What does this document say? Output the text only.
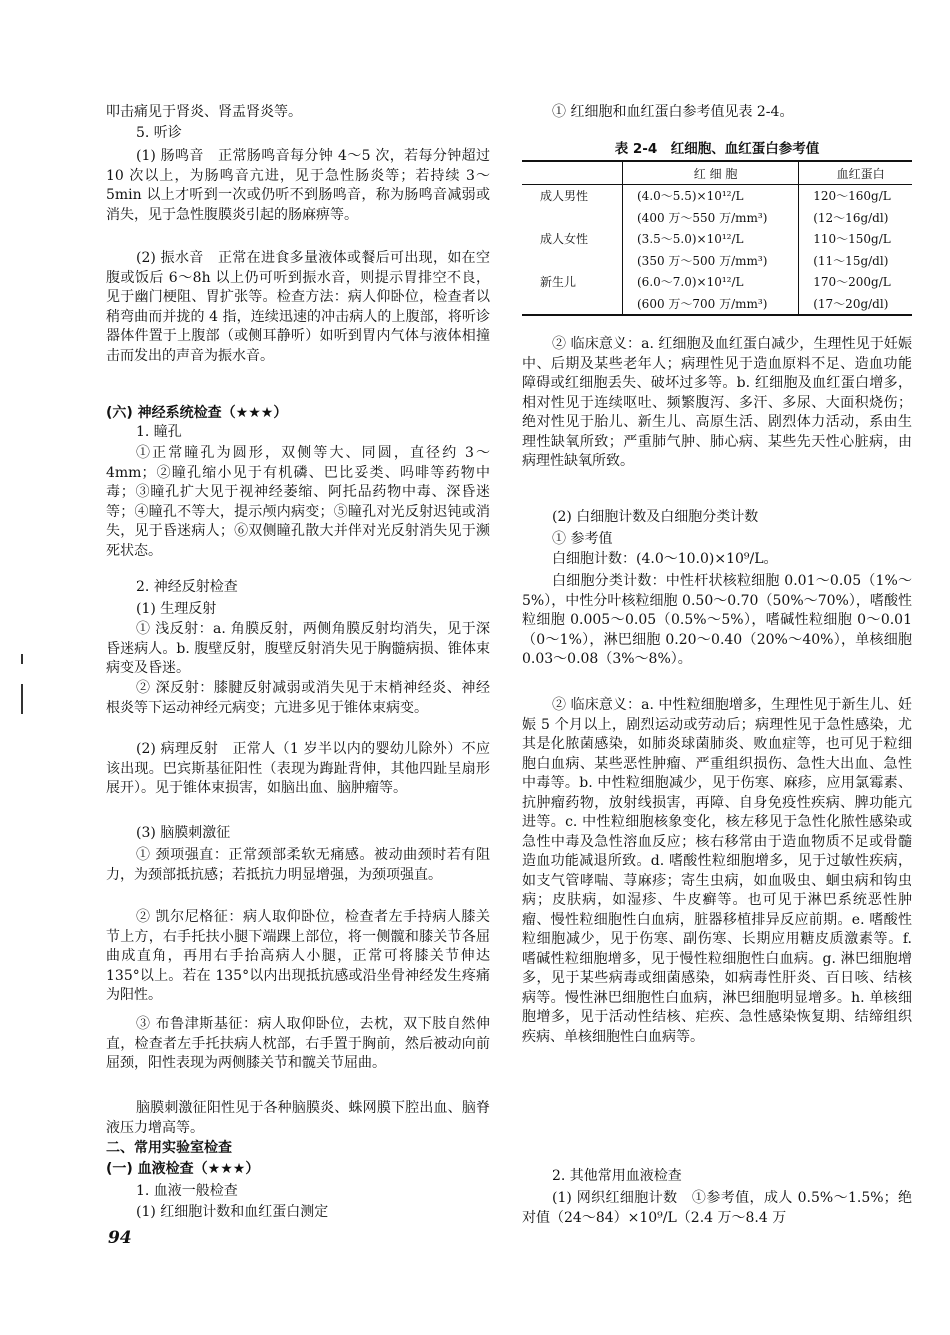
叩击痛见于肾炎、肾盂肾炎等。

5. 听诊

(1) 肠鸣音　正常肠鸣音每分钟 4～5 次，若每分钟超过 10 次以上，为肠鸣音亢进，见于急性肠炎等；若持续 3～5min 以上才听到一次或仍听不到肠鸣音，称为肠鸣音减弱或消失，见于急性腹膜炎引起的肠麻痹等。

(2) 振水音　正常在进食多量液体或餐后可出现，如在空腹或饭后 6～8h 以上仍可听到振水音，则提示胃排空不良，见于幽门梗阻、胃扩张等。检查方法：病人仰卧位，检查者以稍弯曲而并拢的 4 指，连续迅速的冲击病人的上腹部，将听诊器体件置于上腹部（或侧耳静听）如听到胃内气体与液体相撞击而发出的声音为振水音。

(六) 神经系统检查（★★★）

1. 瞳孔

①正常瞳孔为圆形，双侧等大、同圆，直径约 3～4mm；②瞳孔缩小见于有机磷、巴比妥类、吗啡等药物中毒；③瞳孔扩大见于视神经萎缩、阿托品药物中毒、深昏迷等；④瞳孔不等大，提示颅内病变；⑤瞳孔对光反射迟钝或消失，见于昏迷病人；⑥双侧瞳孔散大并伴对光反射消失见于濒死状态。

2. 神经反射检查

(1) 生理反射

① 浅反射：a. 角膜反射，两侧角膜反射均消失，见于深昏迷病人。b. 腹壁反射，腹壁反射消失见于胸髓病损、锥体束病变及昏迷。

② 深反射：膝腱反射减弱或消失见于末梢神经炎、神经根炎等下运动神经元病变；亢进多见于锥体束病变。

(2) 病理反射　正常人（1 岁半以内的婴幼儿除外）不应该出现。巴宾斯基征阳性（表现为踇趾背伸，其他四趾呈扇形展开）。见于锥体束损害，如脑出血、脑肿瘤等。

(3) 脑膜刺激征

① 颈项强直：正常颈部柔软无痛感。被动曲颈时若有阻力，为颈部抵抗感；若抵抗力明显增强，为颈项强直。

② 凯尔尼格征：病人取仰卧位，检查者左手持病人膝关节上方，右手托扶小腿下端踝上部位，将一侧髋和膝关节各屈曲成直角，再用右手抬高病人小腿，正常可将膝关节伸达 135°以上。若在 135°以内出现抵抗感或沿坐骨神经发生疼痛为阳性。

③ 布鲁津斯基征：病人取仰卧位，去枕，双下肢自然伸直，检查者左手托扶病人枕部，右手置于胸前，然后被动向前屈颈，阳性表现为两侧膝关节和髋关节屈曲。

脑膜刺激征阳性见于各种脑膜炎、蛛网膜下腔出血、脑脊液压力增高等。

二、常用实验室检查

(一) 血液检查（★★★）

1. 血液一般检查

(1) 红细胞计数和血红蛋白测定

① 红细胞和血红蛋白参考值见表 2-4。

② 临床意义：a. 红细胞及血红蛋白减少，生理性见于妊娠中、后期及某些老年人；病理性见于造血原料不足、造血功能障碍或红细胞丢失、破坏过多等。b. 红细胞及血红蛋白增多，相对性见于连续呕吐、频繁腹泻、多汗、多尿、大面积烧伤；绝对性见于胎儿、新生儿、高原生活、剧烈体力活动，系由生理性缺氧所致；严重肺气肿、肺心病、某些先天性心脏病，由病理性缺氧所致。

(2) 白细胞计数及白细胞分类计数

① 参考值

白细胞计数：(4.0～10.0)×10⁹/L。

白细胞分类计数：中性杆状核粒细胞 0.01～0.05（1%～5%），中性分叶核粒细胞 0.50～0.70（50%～70%），嗜酸性粒细胞 0.005～0.05（0.5%～5%），嗜碱性粒细胞 0～0.01（0～1%），淋巴细胞 0.20～0.40（20%～40%），单核细胞 0.03～0.08（3%～8%）。

② 临床意义：a. 中性粒细胞增多，生理性见于新生儿、妊娠 5 个月以上，剧烈运动或劳动后；病理性见于急性感染，尤其是化脓菌感染，如肺炎球菌肺炎、败血症等，也可见于粒细胞白血病、某些恶性肿瘤、严重组织损伤、急性大出血、急性中毒等。b. 中性粒细胞减少，见于伤寒、麻疹，应用氯霉素、抗肿瘤药物，放射线损害，再障、自身免疫性疾病、脾功能亢进等。c. 中性粒细胞核象变化，核左移见于急性化脓性感染或急性中毒及急性溶血反应；核右移常由于造血物质不足或骨髓造血功能减退所致。d. 嗜酸性粒细胞增多，见于过敏性疾病，如支气管哮喘、荨麻疹；寄生虫病，如血吸虫、蛔虫病和钩虫病；皮肤病，如湿疹、牛皮癣等。也可见于淋巴系统恶性肿瘤、慢性粒细胞性白血病，脏器移植排异反应前期。e. 嗜酸性粒细胞减少，见于伤寒、副伤寒、长期应用糖皮质激素等。f. 嗜碱性粒细胞增多，见于慢性粒细胞性白血病。g. 淋巴细胞增多，见于某些病毒或细菌感染，如病毒性肝炎、百日咳、结核病等。慢性淋巴细胞性白血病，淋巴细胞明显增多。h. 单核细胞增多，见于活动性结核、疟疾、急性感染恢复期、结缔组织疾病、单核细胞性白血病等。

2. 其他常用血液检查

(1) 网织红细胞计数　①参考值，成人 0.5%～1.5%；绝对值（24～84）×10⁹/L（2.4 万～8.4 万

表 2-4　红细胞、血红蛋白参考值
	红 细 胞	血红蛋白
成人男性	(4.0～5.5)×10¹²/L	120～160g/L
	(400 万～550 万/mm³)	(12～16g/dl)
成人女性	(3.5～5.0)×10¹²/L	110～150g/L
	(350 万～500 万/mm³)	(11～15g/dl)
新生儿	(6.0～7.0)×10¹²/L	170～200g/L
	(600 万～700 万/mm³)	(17～20g/dl)
94
